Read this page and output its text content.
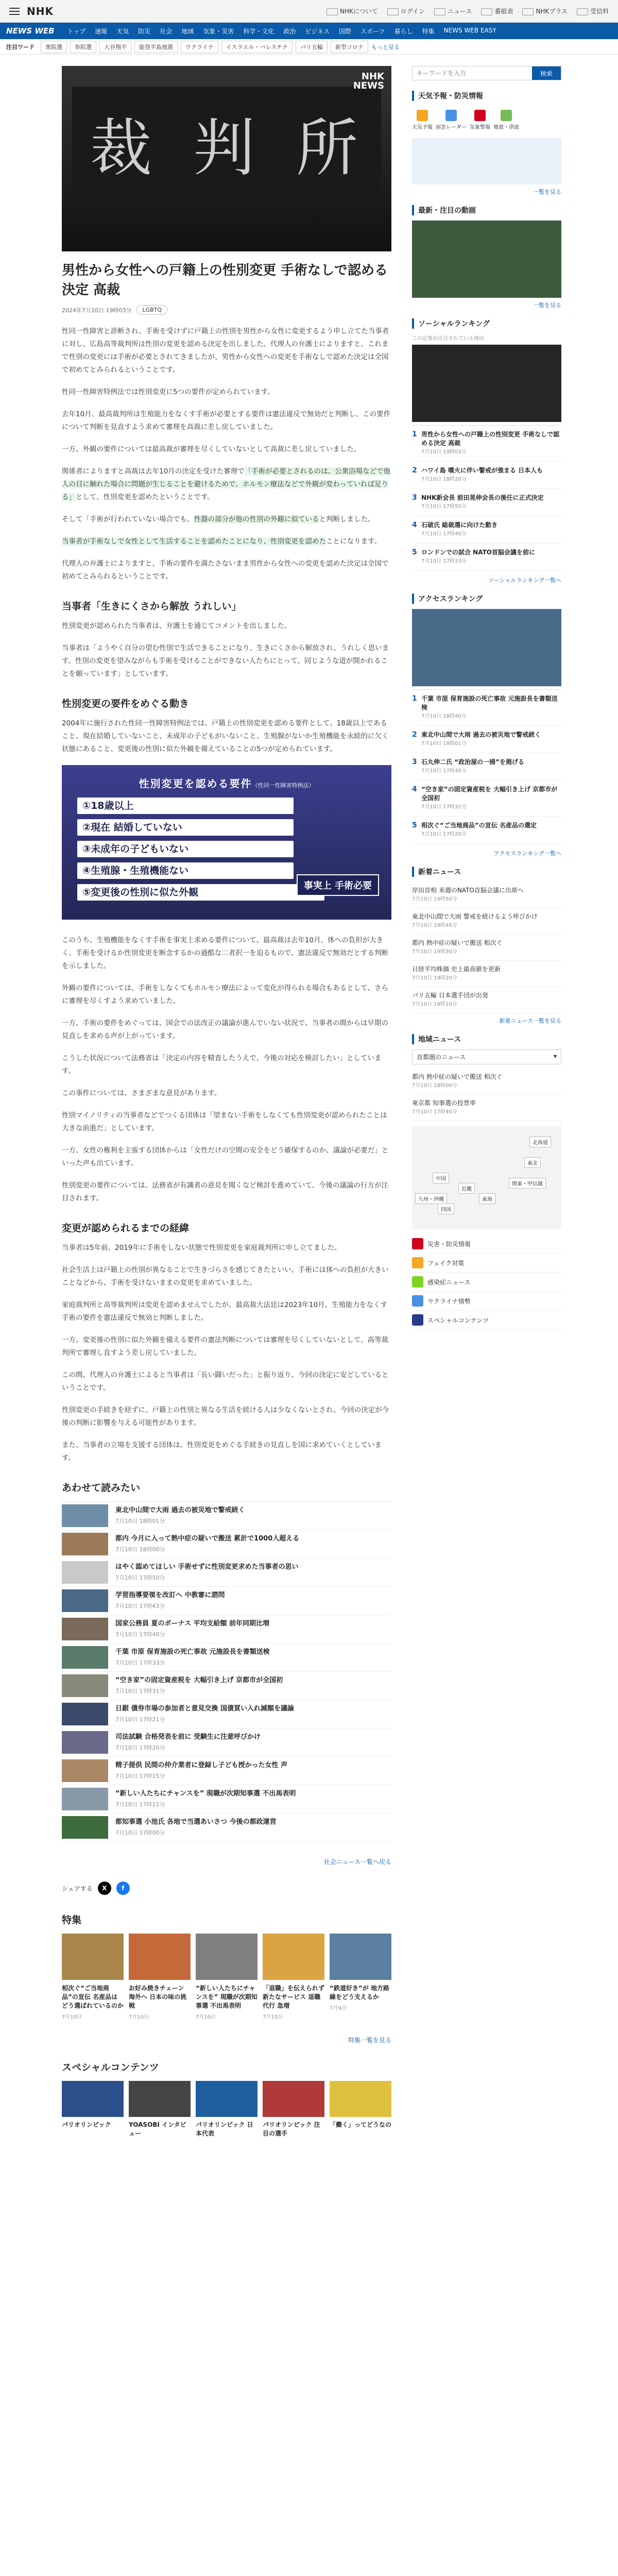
NHK	NHKについて	ログイン	ニュース	番組表	NHKプラス	受信料
NEWS WEB	トップ	速報	天気	防災	社会	地域	気象・災害	科学・文化	政治	ビジネス	国際	スポーツ	暮らし	特集	NEWS WEB EASY
注目ワード	衆院選	参院選	大谷翔平	能登半島地震	ウクライナ	イスラエル・パレスチナ	パリ五輪	新型コロナ	もっと見る
裁 判 所
NHK
NEWS
男性から女性への戸籍上の性別変更 手術なしで認める決定 高裁
2024年7月10日 19時03分	LGBTQ

性同一性障害と診断され、手術を受けずに戸籍上の性別を男性から女性に変更するよう申し立てた当事者に対し、広島高等裁判所は性別の変更を認める決定を出しました。代理人の弁護士によりますと、これまで性別の変更には手術が必要とされてきましたが、男性から女性への変更を手術なしで認めた決定は全国で初めてとみられるということです。

性同一性障害特例法では性別変更に5つの要件が定められています。

去年10月、最高裁判所は生殖能力をなくす手術が必要とする要件は憲法違反で無効だと判断し、この要件について判断を見直すよう求めて審理を高裁に差し戻していました。

一方、外観の要件については最高裁が審理を尽くしていないとして高裁に差し戻していました。

関係者によりますと高裁は去年10月の決定を受けた審理で「手術が必要とされるのは、公衆浴場などで他人の目に触れた場合に問題が生じることを避けるためで、ホルモン療法などで外観が変わっていれば足りる」として、性別変更を認めたということです。

そして「手術が行われていない場合でも、性器の部分が他の性別の外観に似ていると判断しました。

当事者が手術なしで女性として生活することを認めたことになり、性別変更を認めたことになります。

代理人の弁護士によりますと、手術の要件を満たさないまま男性から女性への変更を認めた決定は全国で初めてとみられるということです。

当事者「生きにくさから解放 うれしい」

性別変更が認められた当事者は、弁護士を通じてコメントを出しました。

当事者は「ようやく自分の望む性別で生活できることになり、生きにくさから解放され、うれしく思います。性別の変更を望みながらも手術を受けることができない人たちにとって、同じような道が開かれることを願っています」としています。

性別変更の要件をめぐる動き

2004年に施行された性同一性障害特例法では、戸籍上の性別変更を認める要件として、18歳以上であること、現在結婚していないこと、未成年の子どもがいないこと、生殖腺がないか生殖機能を永続的に欠く状態にあること、変更後の性別に似た外観を備えていることの5つが定められています。

性別変更を認める要件（性同一性障害特例法）
①18歳以上
②現在 結婚していない
③未成年の子どもいない
④生殖腺・生殖機能ない
⑤変更後の性別に似た外観
事実上 手術必要

このうち、生殖機能をなくす手術を事実上求める要件について、最高裁は去年10月、体への負担が大きく、手術を受けるか性別変更を断念するかの過酷な二者択一を迫るもので、憲法違反で無効だとする判断を示しました。

外観の要件については、手術をしなくてもホルモン療法によって変化が得られる場合もあるとして、さらに審理を尽くすよう求めていました。

一方、手術の要件をめぐっては、国会での法改正の議論が進んでいない状況で、当事者の間からは早期の見直しを求める声が上がっています。

こうした状況について法務省は「決定の内容を精査したうえで、今後の対応を検討したい」としています。

この事件については、さまざまな意見があります。

性別マイノリティの当事者などでつくる団体は「望まない手術をしなくても性別変更が認められたことは大きな前進だ」としています。

一方、女性の権利を主張する団体からは「女性だけの空間の安全をどう確保するのか、議論が必要だ」といった声も出ています。

性別変更の要件については、法務省が有識者の意見を聞くなど検討を進めていて、今後の議論の行方が注目されます。

変更が認められるまでの経緯

当事者は5年前、2019年に手術をしない状態で性別変更を家庭裁判所に申し立てました。

社会生活上は戸籍上の性別が異なることで生きづらさを感じてきたといい、手術には体への負担が大きいことなどから、手術を受けないままの変更を求めていました。

家庭裁判所と高等裁判所は変更を認めませんでしたが、最高裁大法廷は2023年10月、生殖能力をなくす手術の要件を憲法違反で無効と判断しました。

一方、変更後の性別に似た外観を備える要件の憲法判断については審理を尽くしていないとして、高等裁判所で審理し直すよう差し戻していました。

この間、代理人の弁護士によると当事者は「長い闘いだった」と振り返り、今回の決定に安どしているということです。

性別変更の手続きを経ずに、戸籍上の性別と異なる生活を続ける人は少なくないとされ、今回の決定が今後の判断に影響を与える可能性があります。

また、当事者の立場を支援する団体は、性別変更をめぐる手続きの見直しを国に求めていくとしています。

あわせて読みたい
東北中山間で大雨 過去の被災地で警戒続く
7月10日 18時01分
都内 今月に入って熱中症の疑いで搬送 累計で1000人超える
7月10日 18時00分
はやく認めてほしい 手術せずに性別変更求めた当事者の思い
7月10日 17時50分
学習指導要領を改訂へ 中教審に諮問
7月10日 17時43分
国家公務員 夏のボーナス 平均支給額 前年同期比増
7月10日 17時40分
千葉 市原 保育施設の死亡事故 元施設長を書類送検
7月10日 17時33分
“空き家”の固定資産税を 大幅引き上げ 京都市が全国初
7月10日 17時31分
日銀 債券市場の参加者と意見交換 国債買い入れ減額を議論
7月10日 17時21分
司法試験 合格発表を前に 受験生に注意呼びかけ
7月10日 17時20分
精子提供 民間の仲介業者に登録し子ども授かった女性 声
7月10日 17時15分
“新しい人たちにチャンスを” 現職が次期知事選 不出馬表明
7月10日 17時11分
都知事選 小池氏 各地で当選あいさつ 今後の都政運営
7月10日 17時00分
社会ニュース一覧へ戻る
シェアする	X	f
特集
相次ぐ“ご当地商品”の宣伝 名産品はどう選ばれているのか
7月10日
お好み焼きチェーン 海外へ 日本の味の挑戦
7月10日
“新しい人たちにチャンスを” 現職が次期知事選 不出馬表明
7月10日
「退職」を伝えられず 新たなサービス 退職代行 急増
7月10日
“鉄道好き”が 地方路線をどう支えるか
7月9日
特集一覧を見る
スペシャルコンテンツ
パリオリンピック	YOASOBI インタビュー
パリオリンピック 日本代表
パリオリンピック 注目の選手
「働く」ってどうなの
キーワードを入力
検索
天気予報・防災情報
天気予報 雨雲レーダー 気象警報 地震・津波
一覧を見る
最新・注目の動画
一覧を見る
ソーシャルランキング
この記事が注目されている理由
1 男性から女性への戸籍上の性別変更 手術なしで認める決定 高裁
7月10日 19時03分
2 ハワイ島 噴火に伴い警戒が強まる 日本人も
7月10日 18時20分
3 NHK新会長 前田晃伸会長の後任に正式決定
7月10日 17時55分
4 石破氏 総裁選に向けた動き
7月10日 17時40分
5 ロンドンでの試合 NATO首脳会議を前に
7月10日 17時33分
ソーシャルランキング一覧へ
アクセスランキング
1 千葉 市原 保育施設の死亡事故 元施設長を書類送検
7月10日 18時40分
2 東北中山間で大雨 過去の被災地で警戒続く
7月10日 18時01分
3 石丸伸二氏 “政治屋の一掃”を掲げる
7月10日 17時45分
4 “空き家”の固定資産税を 大幅引き上げ 京都市が全国初
7月10日 17時31分
5 相次ぐ“ご当地商品”の宣伝 名産品の選定
7月10日 17時20分
アクセスランキング一覧へ
新着ニュース
岸田首相 来週のNATO首脳会議に出席へ
7月10日 19時50分
東北中山間で大雨 警戒を続けるよう呼びかけ
7月10日 19時45分
都内 熱中症の疑いで搬送 相次ぐ
7月10日 19時30分
日経平均株価 史上最高値を更新
7月10日 19時20分
パリ五輪 日本選手団が出発
7月10日 19時10分
新着ニュース一覧を見る
地域ニュース
首都圏のニュース	▾
都内 熱中症の疑いで搬送 相次ぐ
7月10日 18時00分
東京都 知事選の投票率
7月10日 17時40分
北海道
東北
関東・甲信越
東海
近畿
中国
四国
九州・沖縄
災害・防災情報
フェイク対策
感染症ニュース
ウクライナ情勢
スペシャルコンテンツ
